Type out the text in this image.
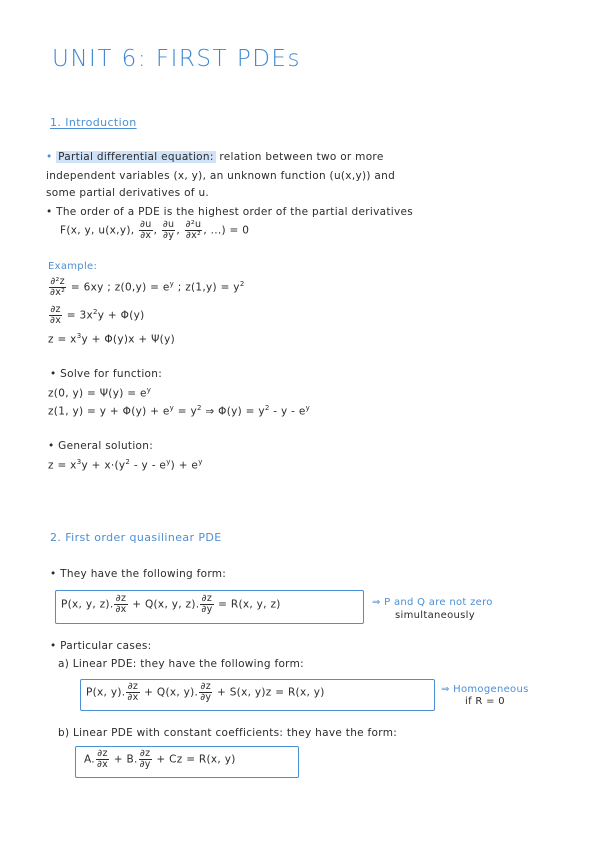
UNIT 6: FIRST PDEs
1. Introduction
• Partial differential equation: relation between two or more
independent variables (x, y), an unknown function (u(x,y)) and
some partial derivatives of u.
• The order of a PDE is the highest order of the partial derivatives
F(x, y, u(x,y), $\frac{\partial u}{\partial x}$ , $\frac{\partial u}{\partial y}$ , $\frac{\text{∂²u}}{\text{∂x²}}$ , ...) = 0
Example:
$\frac{\text{∂²z}}{\text{∂x²}} = 6xy$ ; $z(0,y) = e^y$ ; $z(1,y) = y^2$
$\frac{\partial z}{\partial x} = 3x^2y + \Phi(y)$
$z = x^3y + \Phi(y)x + \Psi(y)$
• Solve for function:
z(0, $y) = \Psi(y) = e^y$
z(1, $y) = y + \Phi(y) + e^y = y^2$ ⇒ $\Phi(y) = y^2 - y - e^y$
• General solution:
$z = x^3y + x\cdot(y^2 - y - e^y) + e^y$
2. First order quasilinear PDE
• They have the following form:
P(x, y, z). $\frac{\partial z}{\partial x} + Q(x$, y, z). $\frac{\partial z}{\partial y} = R(x$, y, z)	⇒ P and Q are not zero
simultaneously
• Particular cases:
a) Linear PDE: they have the following form:
P(x, y). $\frac{\partial z}{\partial x} + Q(x$, y). $\frac{\partial z}{\partial y} + S(x$, y)z = R(x, y)	⇒ Homogeneous
if R = 0
b) Linear PDE with constant coefficients: they have the form:
A. $\frac{\partial z}{\partial x} + B$. $\frac{\partial z}{\partial y} + Cz = R(x$, y)
